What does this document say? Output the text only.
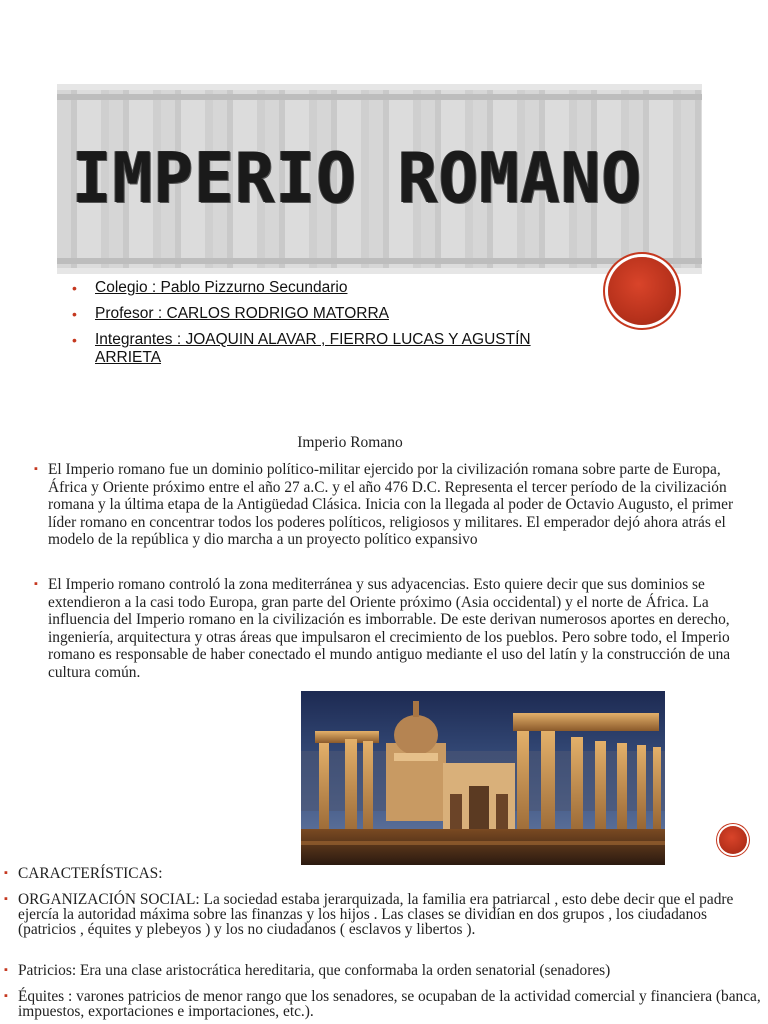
IMPERIO ROMANO
• Colegio : Pablo Pizzurno Secundario
• Profesor : CARLOS RODRIGO MATORRA
• Integrantes : JOAQUIN ALAVAR , FIERRO LUCAS Y AGUSTÍN ARRIETA
Imperio Romano
▪ El Imperio romano fue un dominio político-militar ejercido por la civilización romana sobre parte de Europa, África y Oriente próximo entre el año 27 a.C. y el año 476 D.C. Representa el tercer período de la civilización romana y la última etapa de la Antigüedad Clásica. Inicia con la llegada al poder de Octavio Augusto, el primer líder romano en concentrar todos los poderes políticos, religiosos y militares. El emperador dejó ahora atrás el modelo de la república y dio marcha a un proyecto político expansivo
▪ El Imperio romano controló la zona mediterránea y sus adyacencias. Esto quiere decir que sus dominios se extendieron a la casi todo Europa, gran parte del Oriente próximo (Asia occidental) y el norte de África. La influencia del Imperio romano en la civilización es imborrable. De este derivan numerosos aportes en derecho, ingeniería, arquitectura y otras áreas que impulsaron el crecimiento de los pueblos. Pero sobre todo, el Imperio romano es responsable de haber conectado el mundo antiguo mediante el uso del latín y la construcción de una cultura común.
▪ CARACTERÍSTICAS:
▪ ORGANIZACIÓN SOCIAL: La sociedad estaba jerarquizada, la familia era patriarcal , esto debe decir que el padre ejercía la autoridad máxima sobre las finanzas y los hijos . Las clases se dividían en dos grupos , los ciudadanos (patricios , équites y plebeyos ) y los no ciudadanos ( esclavos y libertos ).
▪ Patricios: Era una clase aristocrática hereditaria, que conformaba la orden senatorial (senadores)
▪ Équites : varones patricios de menor rango que los senadores, se ocupaban de la actividad comercial y financiera (banca, impuestos, exportaciones e importaciones, etc.).
